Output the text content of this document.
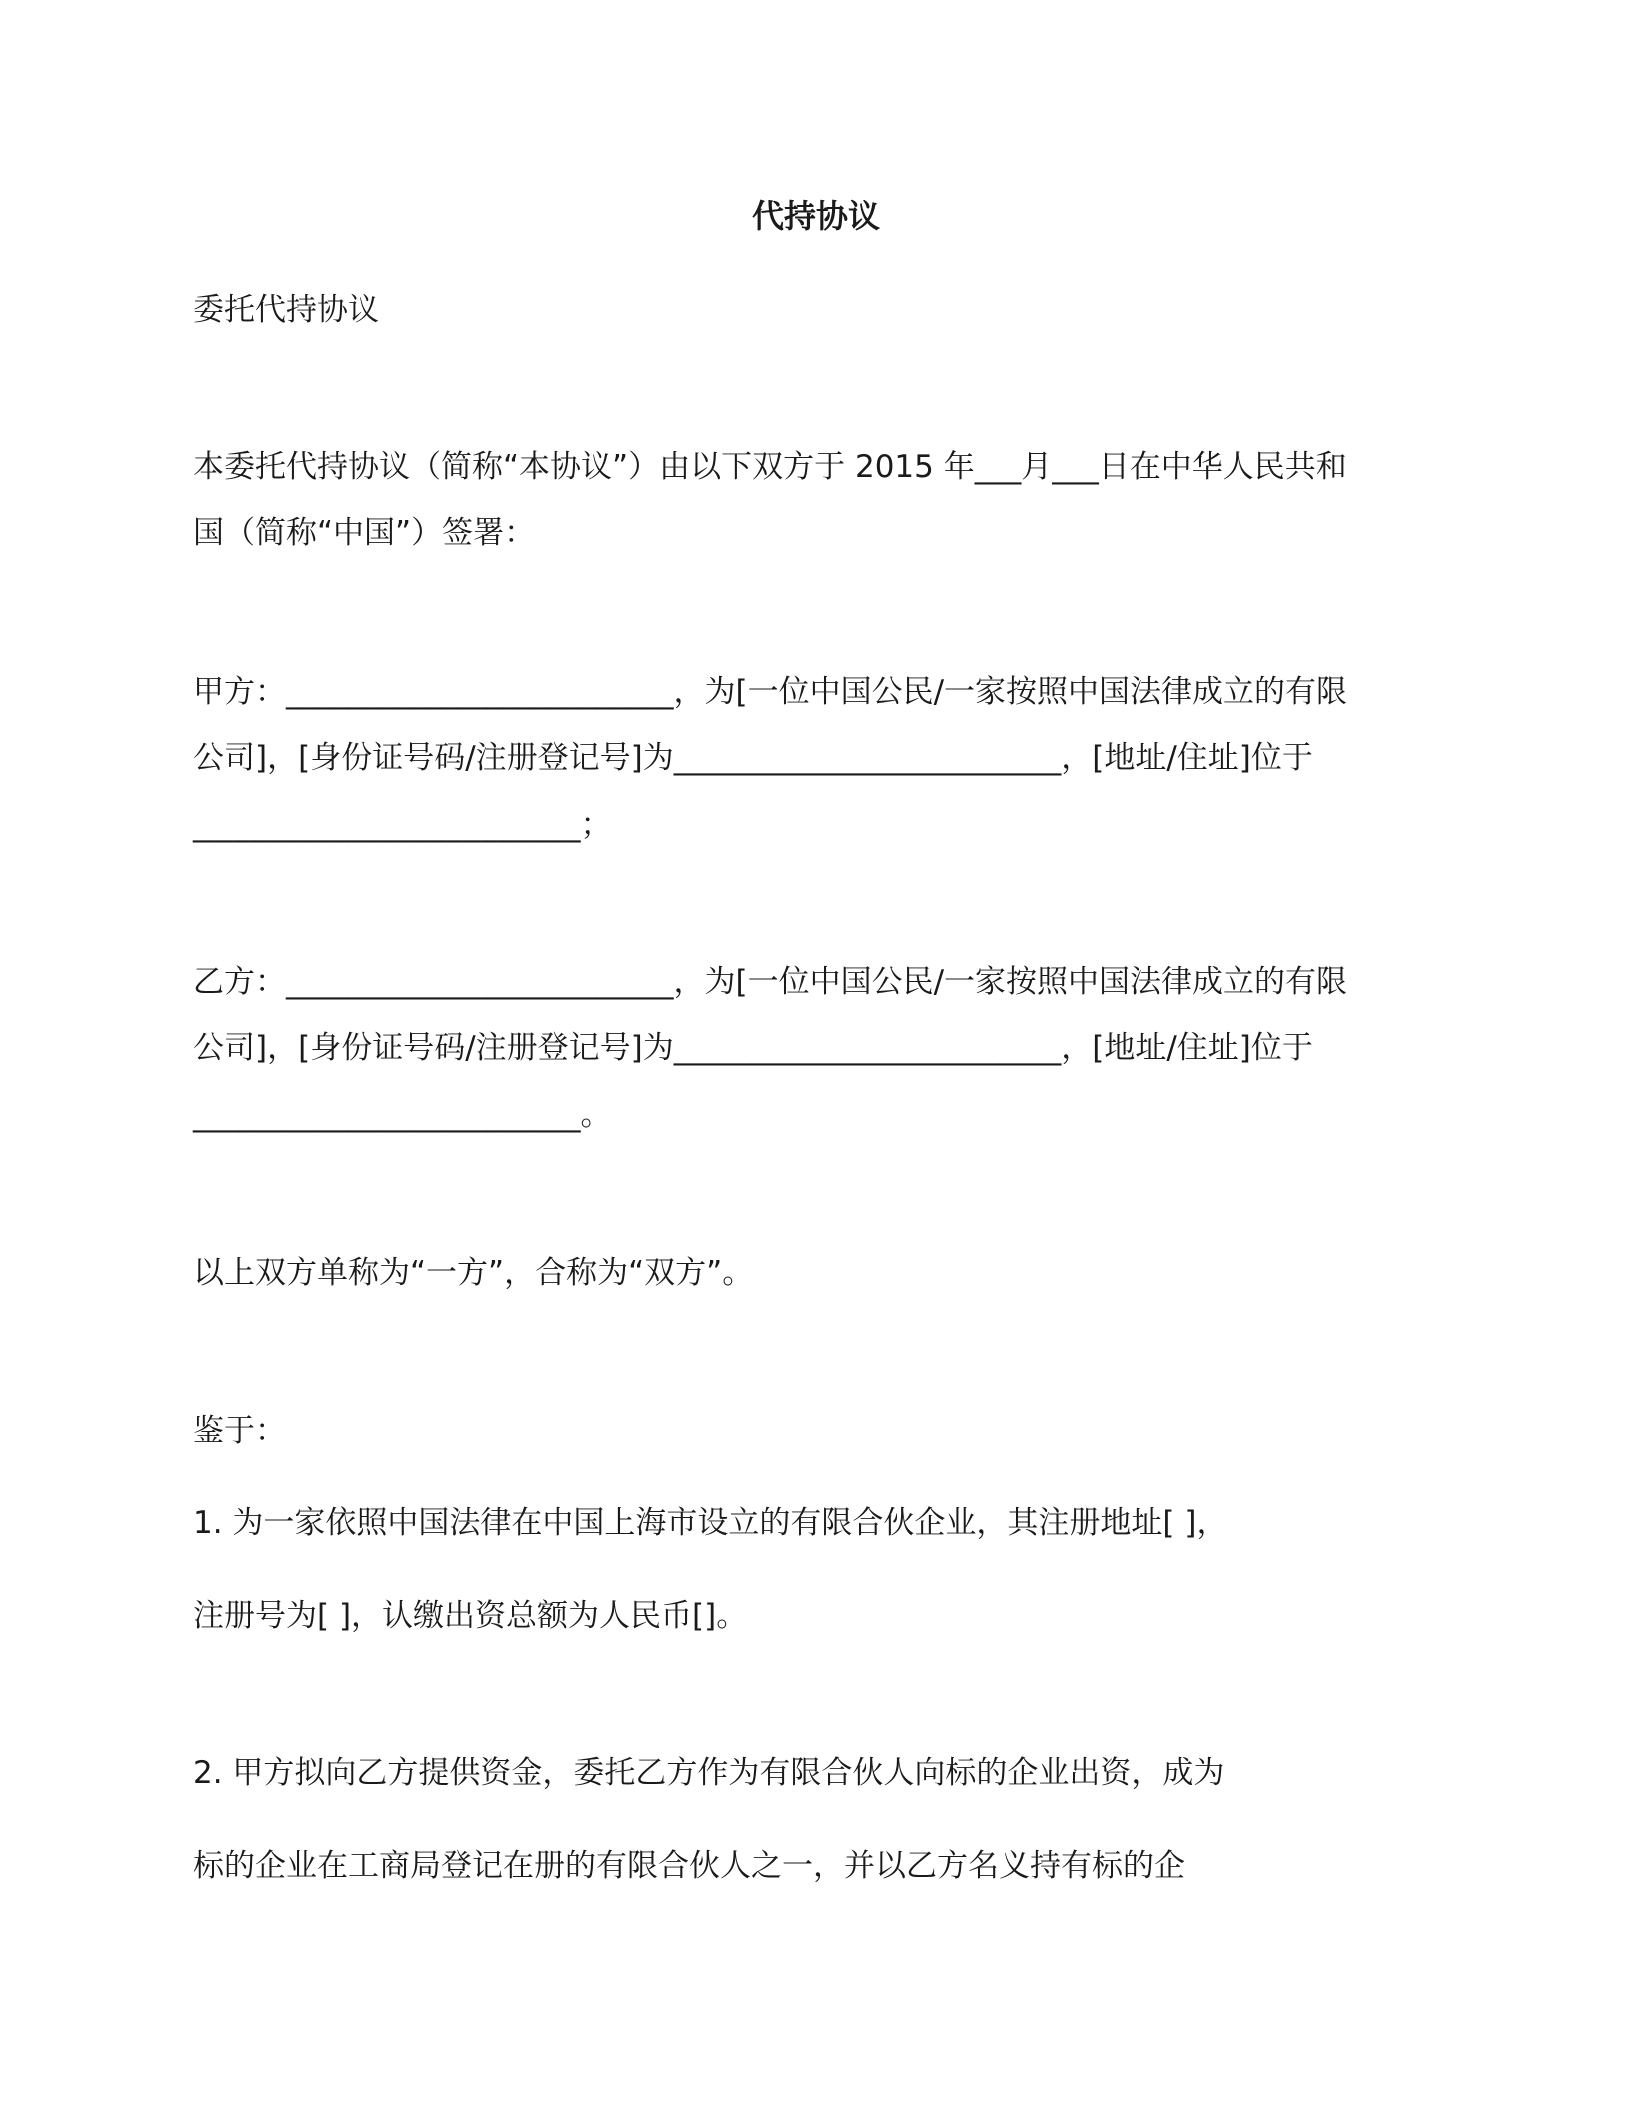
代持协议
委托代持协议
本委托代持协议（简称“本协议”）由以下双方于 2015 年___月___日在中华人民共和
国（简称“中国”）签署：
甲方：_________________________，为[一位中国公民/一家按照中国法律成立的有限
公司]，[身份证号码/注册登记号]为_________________________，[地址/住址]位于
_________________________；
乙方：_________________________，为[一位中国公民/一家按照中国法律成立的有限
公司]，[身份证号码/注册登记号]为_________________________，[地址/住址]位于
_________________________。
以上双方单称为“一方”，合称为“双方”。
鉴于：
1. 为一家依照中国法律在中国上海市设立的有限合伙企业，其注册地址[ ]，
注册号为[ ]，认缴出资总额为人民币[]。
2. 甲方拟向乙方提供资金，委托乙方作为有限合伙人向标的企业出资，成为
标的企业在工商局登记在册的有限合伙人之一，并以乙方名义持有标的企
